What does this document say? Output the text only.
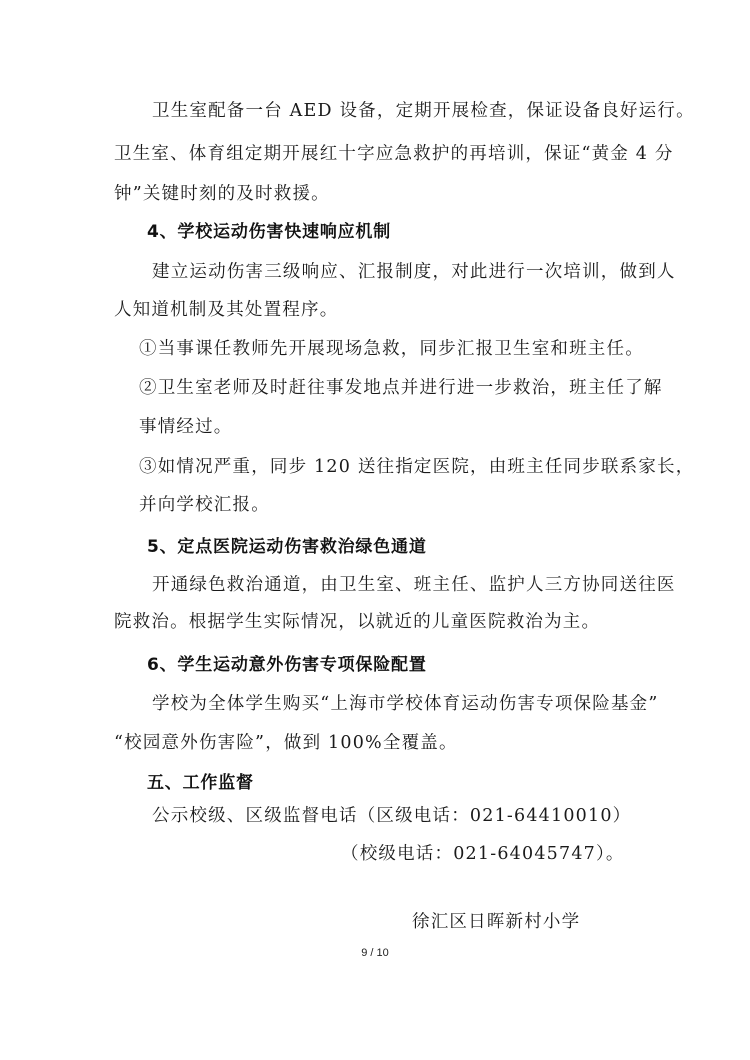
卫生室配备一台 AED 设备，定期开展检查，保证设备良好运行。
卫生室、体育组定期开展红十字应急救护的再培训，保证“黄金 4 分
钟”关键时刻的及时救援。
4、学校运动伤害快速响应机制
建立运动伤害三级响应、汇报制度，对此进行一次培训，做到人
人知道机制及其处置程序。
①当事课任教师先开展现场急救，同步汇报卫生室和班主任。
②卫生室老师及时赶往事发地点并进行进一步救治，班主任了解
事情经过。
③如情况严重，同步 120 送往指定医院，由班主任同步联系家长，
并向学校汇报。
5、定点医院运动伤害救治绿色通道
开通绿色救治通道，由卫生室、班主任、监护人三方协同送往医
院救治。根据学生实际情况，以就近的儿童医院救治为主。
6、学生运动意外伤害专项保险配置
学校为全体学生购买“上海市学校体育运动伤害专项保险基金”
“校园意外伤害险”，做到 100%全覆盖。
五、工作监督
公示校级、区级监督电话（区级电话：021-64410010）
（校级电话：021-64045747）。
徐汇区日晖新村小学
9 / 10
